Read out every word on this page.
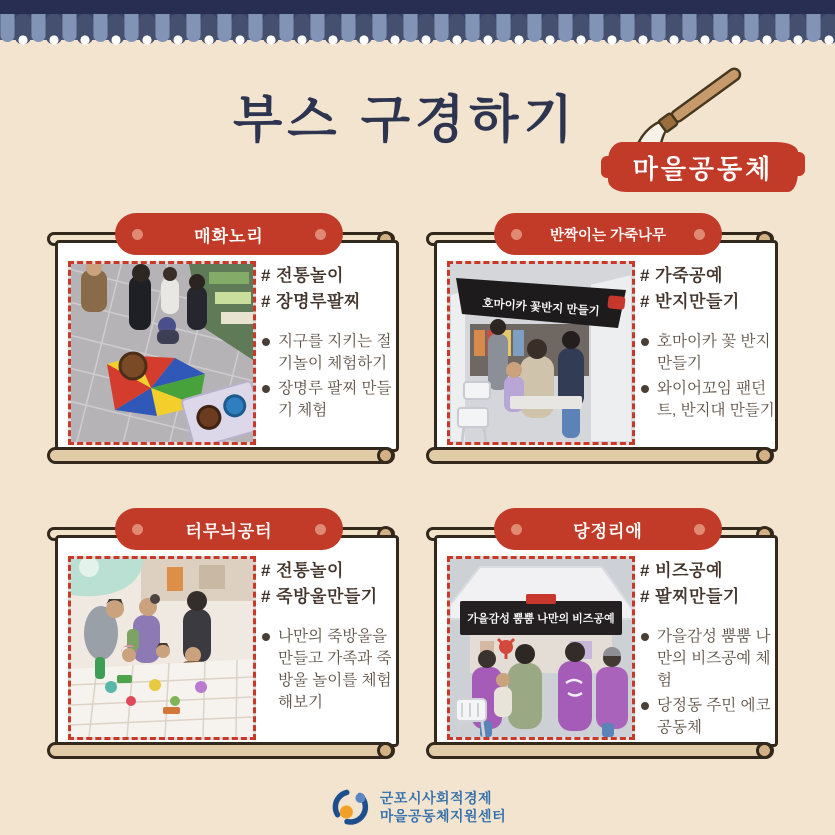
부스 구경하기
마을공동체
매화노리
# 전통놀이
# 장명루팔찌
지구를 지키는 절기놀이 체험하기
장명루 팔찌 만들기 체험
반짝이는 가죽나무
호마이카 꽃반지 만들기
# 가죽공예
# 반지만들기
호마이카 꽃 반지 만들기
와이어꼬임 팬던트, 반지대 만들기
터무늬공터
# 전통놀이
# 죽방울만들기
나만의 죽방울을 만들고 가족과 죽방울 놀이를 체험해보기
당정리애
가을감성 뿜뿜 나만의 비즈공예
# 비즈공예
# 팔찌만들기
가을감성 뿜뿜 나만의 비즈공예 체험
당정동 주민 에코 공동체
군포시사회적경제
마을공동체지원센터
